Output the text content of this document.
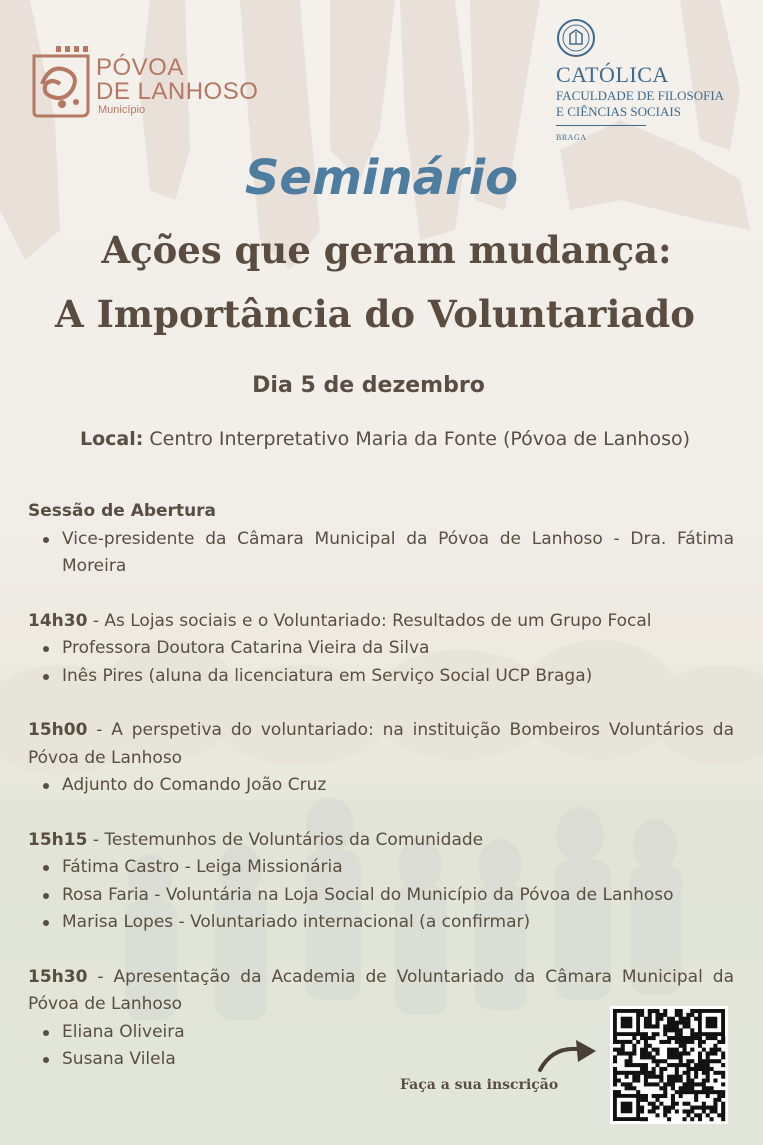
PÓVOA
DE LANHOSO
Município
CATÓLICA
FACULDADE DE FILOSOFIA
E CIÊNCIAS SOCIAIS
BRAGA
Seminário
Ações que geram mudança:
A Importância do Voluntariado
Dia 5 de dezembro
Local: Centro Interpretativo Maria da Fonte (Póvoa de Lanhoso)
Sessão de Abertura
Vice-presidente da Câmara Municipal da Póvoa de Lanhoso - Dra. Fátima Moreira
14h30 - As Lojas sociais e o Voluntariado: Resultados de um Grupo Focal
Professora Doutora Catarina Vieira da Silva
Inês Pires (aluna da licenciatura em Serviço Social UCP Braga)
15h00 - A perspetiva do voluntariado: na instituição Bombeiros Voluntários da Póvoa de Lanhoso
Adjunto do Comando João Cruz
15h15 - Testemunhos de Voluntários da Comunidade
Fátima Castro - Leiga Missionária
Rosa Faria - Voluntária na Loja Social do Município da Póvoa de Lanhoso
Marisa Lopes - Voluntariado internacional (a confirmar)
15h30 - Apresentação da Academia de Voluntariado da Câmara Municipal da Póvoa de Lanhoso
Eliana Oliveira
Susana Vilela
Faça a sua inscrição
